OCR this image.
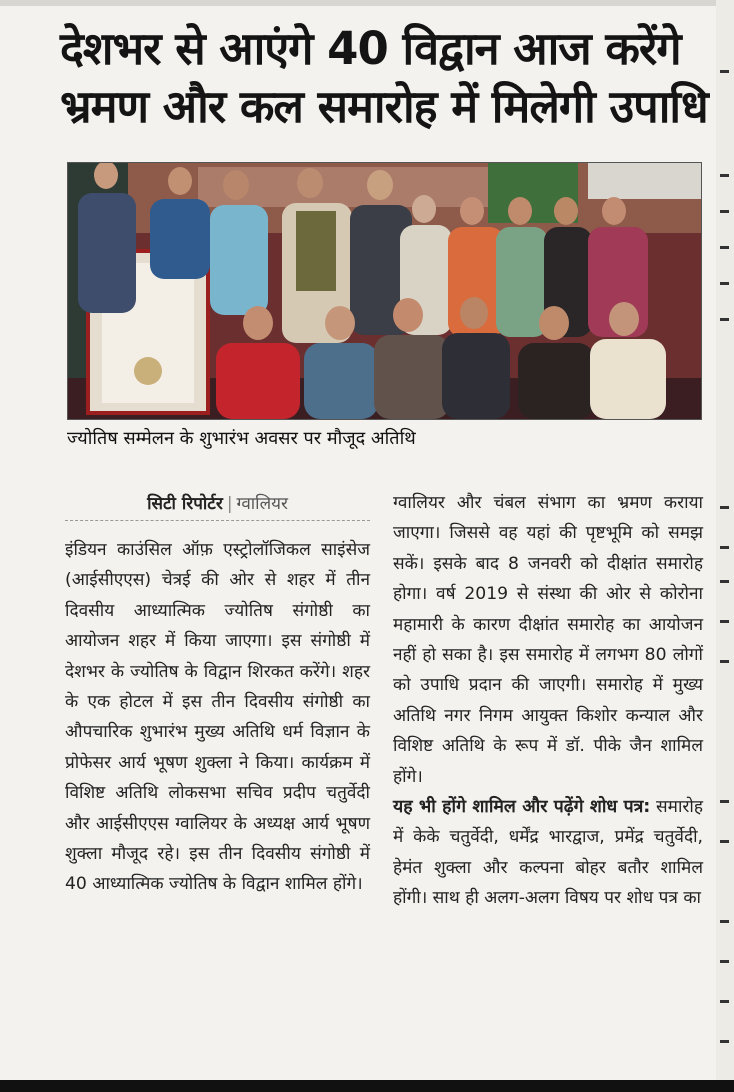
देशभर से आएंगे 40 विद्वान आज करेंगे
भ्रमण और कल समारोह में मिलेगी उपाधि
ज्योतिष सम्मेलन के शुभारंभ अवसर पर मौजूद अतिथि
सिटी रिपोर्टर | ग्वालियर
इंडियन काउंसिल ऑफ़ एस्ट्रोलॉजिकल साइंसेज (आईसीएएस) चेत्रई की ओर से शहर में तीन दिवसीय आध्यात्मिक ज्योतिष संगोष्ठी का आयोजन शहर में किया जाएगा। इस संगोष्ठी में देशभर के ज्योतिष के विद्वान शिरकत करेंगे। शहर के एक होटल में इस तीन दिवसीय संगोष्ठी का औपचारिक शुभारंभ मुख्य अतिथि धर्म विज्ञान के प्रोफेसर आर्य भूषण शुक्ला ने किया। कार्यक्रम में विशिष्ट अतिथि लोकसभा सचिव प्रदीप चतुर्वेदी और आईसीएएस ग्वालियर के अध्यक्ष आर्य भूषण शुक्ला मौजूद रहे। इस तीन दिवसीय संगोष्ठी में 40 आध्यात्मिक ज्योतिष के विद्वान शामिल होंगे।
ग्वालियर और चंबल संभाग का भ्रमण कराया जाएगा। जिससे वह यहां की पृष्टभूमि को समझ सकें। इसके बाद 8 जनवरी को दीक्षांत समारोह होगा। वर्ष 2019 से संस्था की ओर से कोरोना महामारी के कारण दीक्षांत समारोह का आयोजन नहीं हो सका है। इस समारोह में लगभग 80 लोगों को उपाधि प्रदान की जाएगी। समारोह में मुख्य अतिथि नगर निगम आयुक्त किशोर कन्याल और विशिष्ट अतिथि के रूप में डॉ. पीके जैन शामिल होंगे।
यह भी होंगे शामिल और पढ़ेंगे शोध पत्र: समारोह में केके चतुर्वेदी, धर्मेंद्र भारद्वाज, प्रमेंद्र चतुर्वेदी, हेमंत शुक्ला और कल्पना बोहर बतौर शामिल होंगी। साथ ही अलग-अलग विषय पर शोध पत्र का
